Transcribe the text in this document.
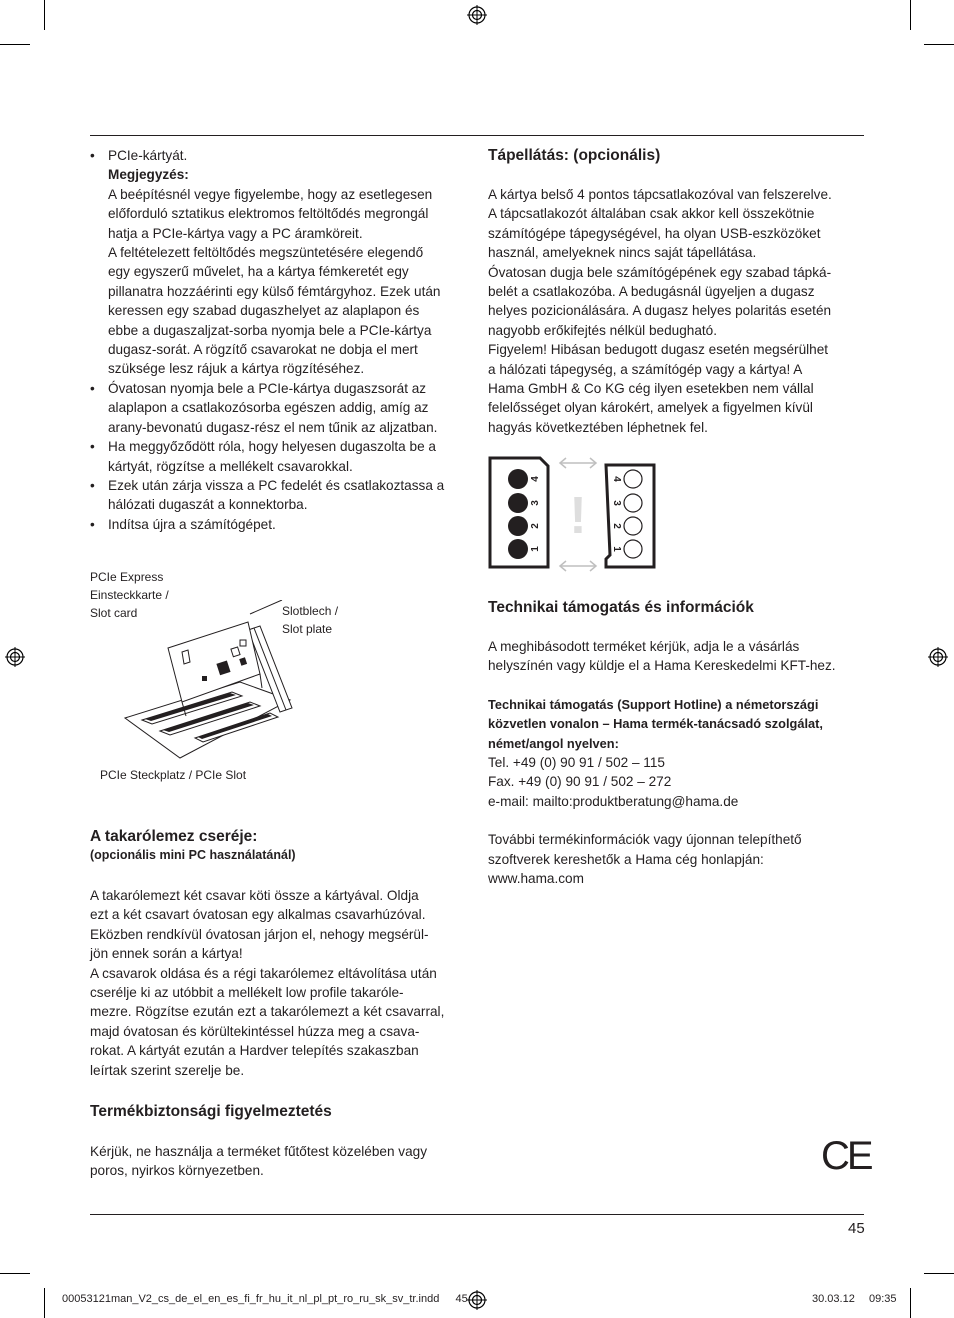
• PCIe-kártyát.
Megjegyzés:
A beépítésnél vegye figyelembe, hogy az esetlegesen
előforduló sztatikus elektromos feltöltődés megrongál
hatja a PCIe-kártya vagy a PC áramköreit.
A feltételezett feltöltődés megszüntetésére elegendő
egy egyszerű művelet, ha a kártya fémkeretét egy
pillanatra hozzáérinti egy külső fémtárgyhoz. Ezek után
keressen egy szabad dugaszhelyet az alaplapon és
ebbe a dugaszaljzat-sorba nyomja bele a PCIe-kártya
dugasz-sorát. A rögzítő csavarokat ne dobja el mert
szüksége lesz rájuk a kártya rögzítéséhez.
• Óvatosan nyomja bele a PCIe-kártya dugaszsorát az
alaplapon a csatlakozósorba egészen addig, amíg az
arany-bevonatú dugasz-rész el nem tűnik az aljzatban.
• Ha meggyőződött róla, hogy helyesen dugaszolta be a
kártyát, rögzítse a mellékelt csavarokkal.
• Ezek után zárja vissza a PC fedelét és csatlakoztassa a
hálózati dugaszát a konnektorba.
• Indítsa újra a számítógépet.
PCIe Express
Einsteckkarte /
Slot card	Slotblech /
Slot plate
PCIe Steckplatz / PCIe Slot
A takarólemez cseréje:
(opcionális mini PC használatánál)
A takarólemezt két csavar köti össze a kártyával. Oldja
ezt a két csavart óvatosan egy alkalmas csavarhúzóval.
Eközben rendkívül óvatosan járjon el, nehogy megsérül-
jön ennek során a kártya!
A csavarok oldása és a régi takarólemez eltávolítása után
cserélje ki az utóbbit a mellékelt low profile takaróle-
mezre. Rögzítse ezután ezt a takarólemezt a két csavarral,
majd óvatosan és körültekintéssel húzza meg a csava-
rokat. A kártyát ezután a Hardver telepítés szakaszban
leírtak szerint szerelje be.
Termékbiztonsági figyelmeztetés
Kérjük, ne használja a terméket fűtőtest közelében vagy
poros, nyirkos környezetben.
Tápellátás: (opcionális)
A kártya belső 4 pontos tápcsatlakozóval van felszerelve.
A tápcsatlakozót általában csak akkor kell összekötnie
számítógépe tápegységével, ha olyan USB-eszközöket
használ, amelyeknek nincs saját tápellátása.
Óvatosan dugja bele számítógépének egy szabad tápká-
belét a csatlakozóba. A bedugásnál ügyeljen a dugasz
helyes pozicionálására. A dugasz helyes polaritás esetén
nagyobb erőkifejtés nélkül bedugható.
Figyelem! Hibásan bedugott dugasz esetén megsérülhet
a hálózati tápegység, a számítógép vagy a kártya! A
Hama GmbH & Co KG cég ilyen esetekben nem vállal
felelősséget olyan károkért, amelyek a figyelmen kívül
hagyás következtében léphetnek fel.
1
2
3
4
!
4
3
2
1
Technikai támogatás és információk
A meghibásodott terméket kérjük, adja le a vásárlás
helyszínén vagy küldje el a Hama Kereskedelmi KFT-hez.
Technikai támogatás (Support Hotline) a németországi
közvetlen vonalon – Hama termék-tanácsadó szolgálat,
német/angol nyelven:
Tel. +49 (0) 90 91 / 502 – 115
Fax. +49 (0) 90 91 / 502 – 272
e-mail: mailto:produktberatung@hama.de
További termékinformációk vagy újonnan telepíthető
szoftverek kereshetők a Hama cég honlapján:
www.hama.com
CE
45
00053121man_V2_cs_de_el_en_es_fi_fr_hu_it_nl_pl_pt_ro_ru_sk_sv_tr.indd 45	30.03.12 09:35
